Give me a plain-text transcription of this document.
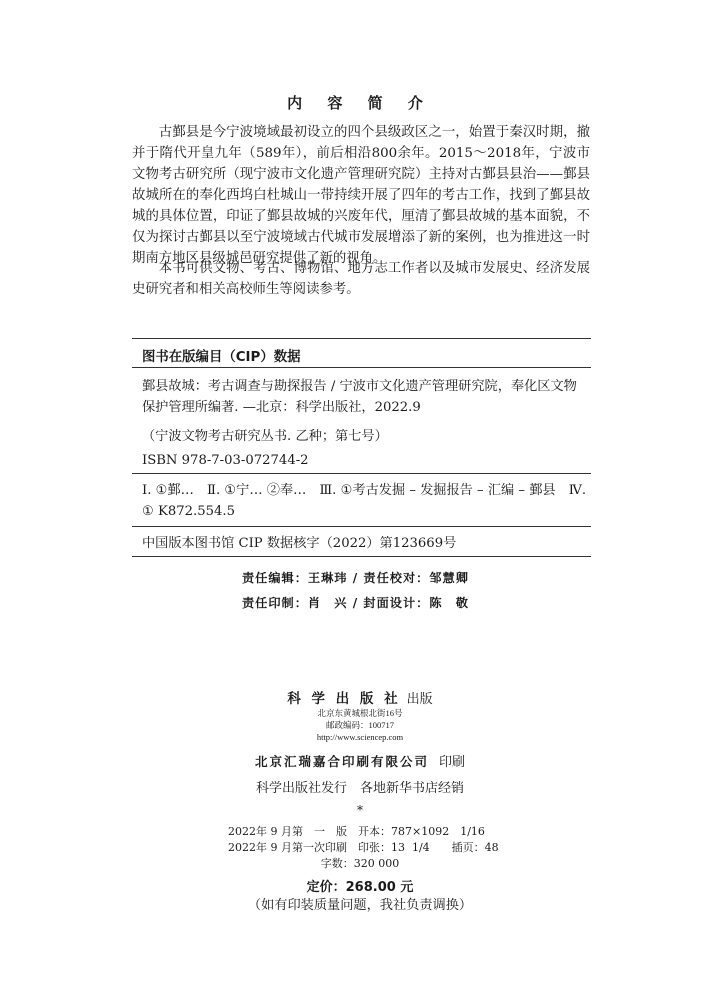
内 容 简 介
古鄞县是今宁波境域最初设立的四个县级政区之一，始置于秦汉时期，撤并于隋代开皇九年（589年），前后相沿800余年。2015～2018年，宁波市文物考古研究所（现宁波市文化遗产管理研究院）主持对古鄞县县治——鄞县故城所在的奉化西坞白杜城山一带持续开展了四年的考古工作，找到了鄞县故城的具体位置，印证了鄞县故城的兴废年代，厘清了鄞县故城的基本面貌，不仅为探讨古鄞县以至宁波境域古代城市发展增添了新的案例，也为推进这一时期南方地区县级城邑研究提供了新的视角。
本书可供文物、考古、博物馆、地方志工作者以及城市发展史、经济发展史研究者和相关高校师生等阅读参考。
图书在版编目（CIP）数据
鄞县故城：考古调查与勘探报告 / 宁波市文化遗产管理研究院，奉化区文物保护管理所编著. —北京：科学出版社，2022.9
（宁波文物考古研究丛书. 乙种；第七号）
ISBN 978-7-03-072744-2
Ⅰ. ①鄞…　Ⅱ. ①宁… ②奉…　Ⅲ. ①考古发掘 – 发掘报告 – 汇编 – 鄞县　Ⅳ. ① K872.554.5
中国版本图书馆 CIP 数据核字（2022）第123669号
责任编辑：王琳玮 / 责任校对：邹慧卿
责任印制：肖　兴 / 封面设计：陈　敬
科 学 出 版 社 出版
北京东黄城根北街16号
邮政编码：100717
http://www.sciencep.com
北京汇瑞嘉合印刷有限公司 印刷
科学出版社发行　各地新华书店经销
*
2022年 9 月第　一　版　开本：787×1092　1/16
2022年 9 月第一次印刷　印张：13  1/4　　插页：48
字数：320 000
定价：268.00 元
（如有印装质量问题，我社负责调换）
